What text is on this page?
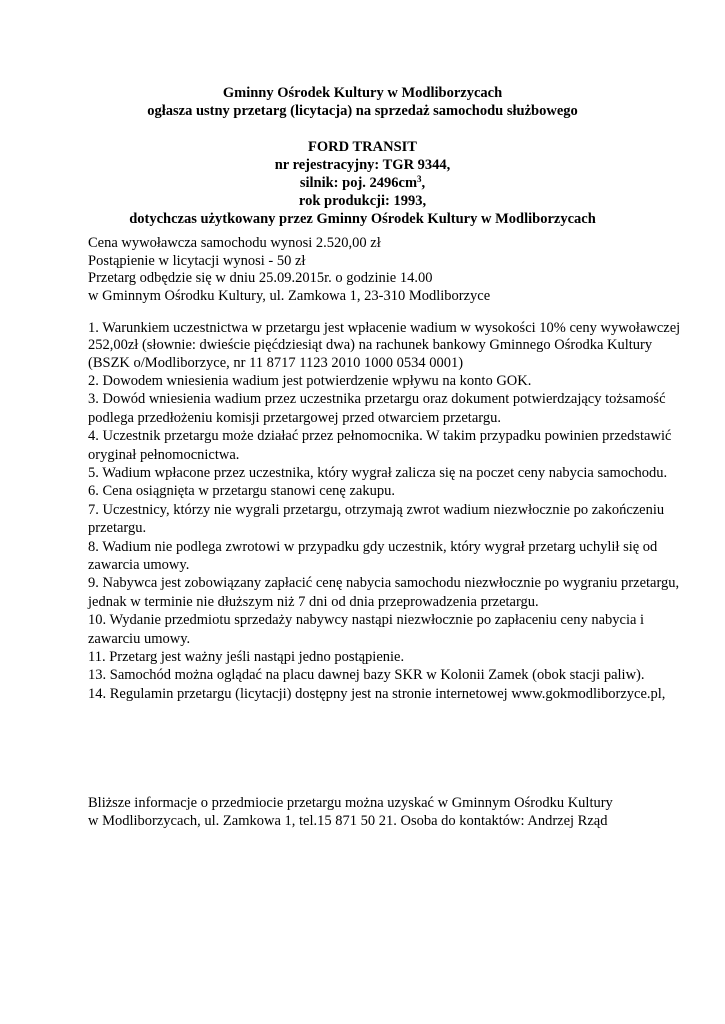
Gminny Ośrodek Kultury w Modliborzycach
ogłasza ustny przetarg (licytacja) na sprzedaż samochodu służbowego
FORD TRANSIT
nr rejestracyjny: TGR 9344,
silnik: poj. $2496cm^3$,
rok produkcji: 1993,
dotychczas użytkowany przez Gminny Ośrodek Kultury w Modliborzycach
Cena wywoławcza samochodu wynosi 2.520,00 zł
Postąpienie w licytacji wynosi - 50 zł
Przetarg odbędzie się w dniu 25.09.2015r. o godzinie 14.00
w Gminnym Ośrodku Kultury, ul. Zamkowa 1, 23-310 Modliborzyce
1. Warunkiem uczestnictwa w przetargu jest wpłacenie wadium w wysokości 10% ceny wywoławczej 252,00zł (słownie: dwieście pięćdziesiąt dwa) na rachunek bankowy Gminnego Ośrodka Kultury (BSZK o/Modliborzyce, nr 11 8717 1123 2010 1000 0534 0001)
2. Dowodem wniesienia wadium jest potwierdzenie wpływu na konto GOK.
3. Dowód wniesienia wadium przez uczestnika przetargu oraz dokument potwierdzający tożsamość podlega przedłożeniu komisji przetargowej przed otwarciem przetargu.
4. Uczestnik przetargu może działać przez pełnomocnika. W takim przypadku powinien przedstawić oryginał pełnomocnictwa.
5. Wadium wpłacone przez uczestnika, który wygrał zalicza się na poczet ceny nabycia samochodu.
6. Cena osiągnięta w przetargu stanowi cenę zakupu.
7. Uczestnicy, którzy nie wygrali przetargu, otrzymają zwrot wadium niezwłocznie po zakończeniu przetargu.
8. Wadium nie podlega zwrotowi w przypadku gdy uczestnik, który wygrał przetarg uchylił się od zawarcia umowy.
9. Nabywca jest zobowiązany zapłacić cenę nabycia samochodu niezwłocznie po wygraniu przetargu, jednak w terminie nie dłuższym niż 7 dni od dnia przeprowadzenia przetargu.
10. Wydanie przedmiotu sprzedaży nabywcy nastąpi niezwłocznie po zapłaceniu ceny nabycia i zawarciu umowy.
11. Przetarg jest ważny jeśli nastąpi jedno postąpienie.
13. Samochód można oglądać na placu dawnej bazy SKR w Kolonii Zamek (obok stacji paliw).
14. Regulamin przetargu (licytacji) dostępny jest na stronie internetowej www.gokmodliborzyce.pl,
Bliższe informacje o przedmiocie przetargu można uzyskać w Gminnym Ośrodku Kultury
w Modliborzycach, ul. Zamkowa 1, tel.15 871 50 21. Osoba do kontaktów: Andrzej Rząd
